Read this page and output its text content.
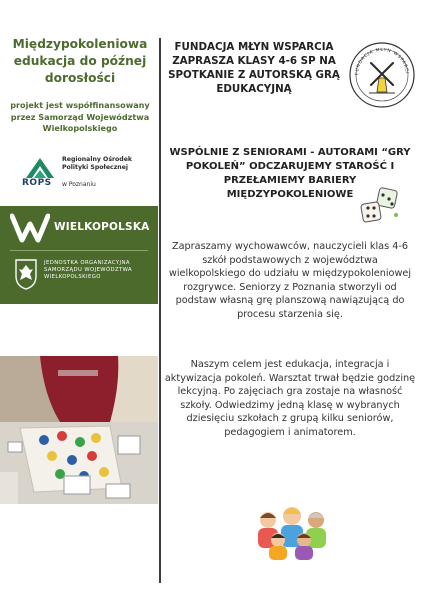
Międzypokoleniowa edukacja do późnej dorosłości
projekt jest współfinansowany przez Samorząd Województwa Wielkopolskiego
ROPS
Regionalny Ośrodek Polityki Społecznej
w Poznaniu
WIELKOPOLSKA
JEDNOSTKA ORGANIZACYJNA SAMORZĄDU WOJEWÓDZTWA WIELKOPOLSKIEGO
FUNDACJA MŁYN WSPARCIA ZAPRASZA KLASY 4-6 SP NA SPOTKANIE Z AUTORSKĄ GRĄ EDUKACYJNĄ
FUNDACJA MŁYN WSPARCI
WSPÓLNIE Z SENIORAMI - AUTORAMI “GRY POKOLEŃ” ODCZARUJEMY STAROŚĆ I PRZEŁAMIEMY BARIERY MIĘDZYPOKOLENIOWE
Zapraszamy wychowawców, nauczycieli klas 4-6 szkół podstawowych z województwa wielkopolskiego do udziału w międzypokoleniowej rozgrywce. Seniorzy z Poznania stworzyli od podstaw własną grę planszową nawiązującą do procesu starzenia się.
Naszym celem jest edukacja, integracja i aktywizacja pokoleń. Warsztat trwał będzie godzinę lekcyjną. Po zajęciach gra zostaje na własność szkoły. Odwiedzimy jedną klasę w wybranych dziesięciu szkołach z grupą kilku seniorów, pedagogiem i animatorem.
